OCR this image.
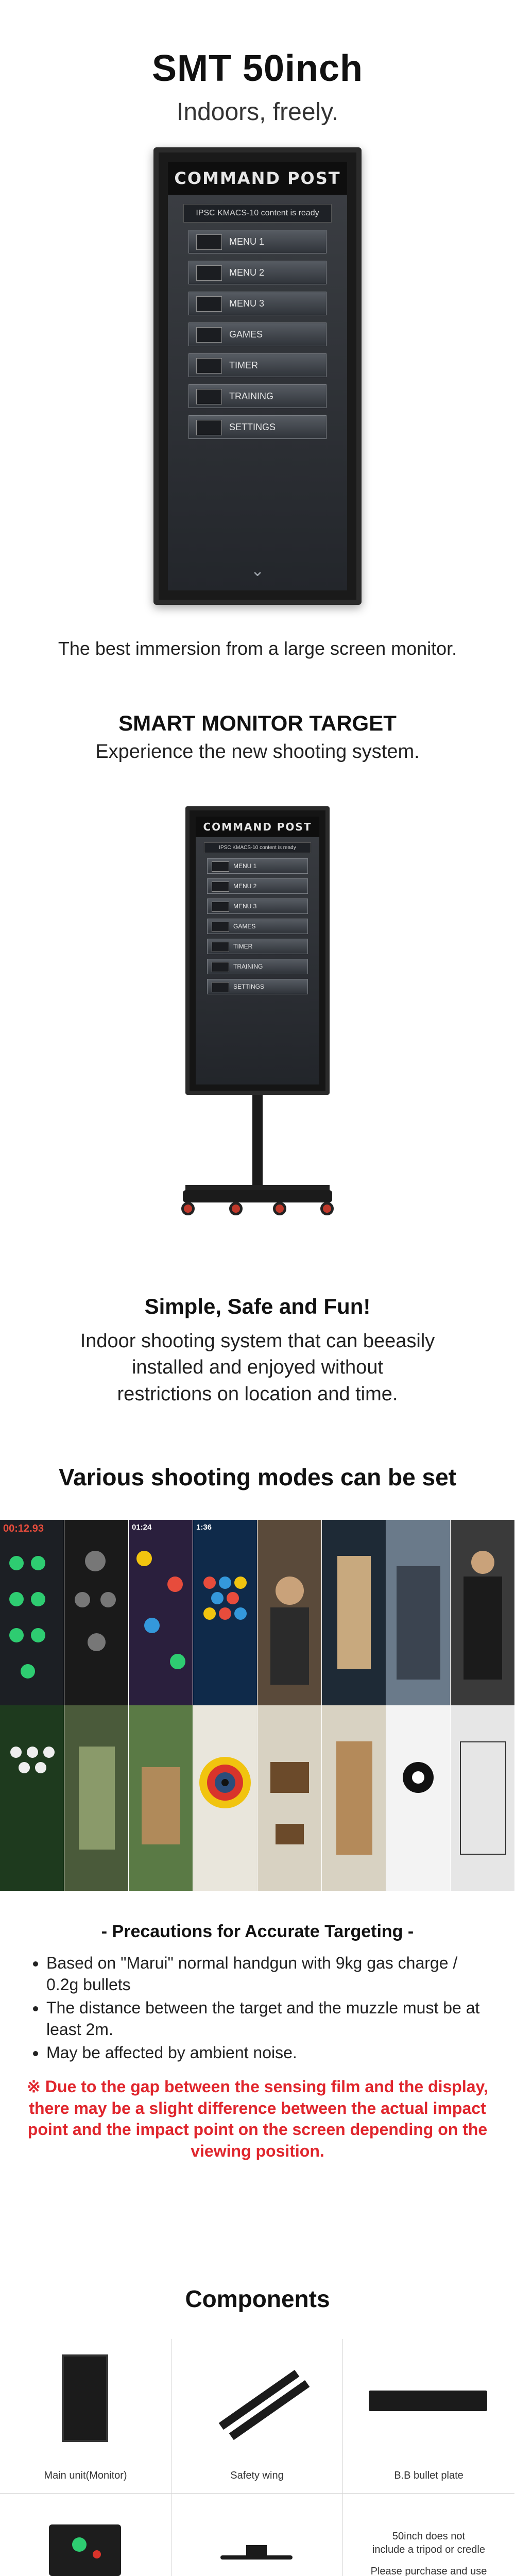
SMT 50inch
Indoors, freely.
COMMAND POST
IPSC KMACS-10 content is ready
MENU 1
MENU 2
MENU 3
GAMES
TIMER
TRAINING
SETTINGS
⌄
The best immersion from a large screen monitor.
SMART MONITOR TARGET
Experience the new shooting system.
COMMAND POST
IPSC KMACS-10 content is ready
MENU 1
MENU 2
MENU 3
GAMES
TIMER
TRAINING
SETTINGS
Simple, Safe and Fun!
Indoor shooting system that can beeasily
installed and enjoyed without
restrictions on location and time.
Various shooting modes can be set
00:12.93	01:24	1:36
- Precautions for Accurate Targeting -
• Based on "Marui" normal handgun with 9kg gas charge / 0.2g bullets
• The distance between the target and the muzzle must be at least 2m.
• May be affected by ambient noise.
※ Due to the gap between the sensing film and the display, there may be a slight difference between the actual impact point and the impact point on the screen depending on the viewing position.
Components
Main unit(Monitor)	Safety wing	B.B bullet plate
50inch does not
include a tripod or credle
Please purchase and use
